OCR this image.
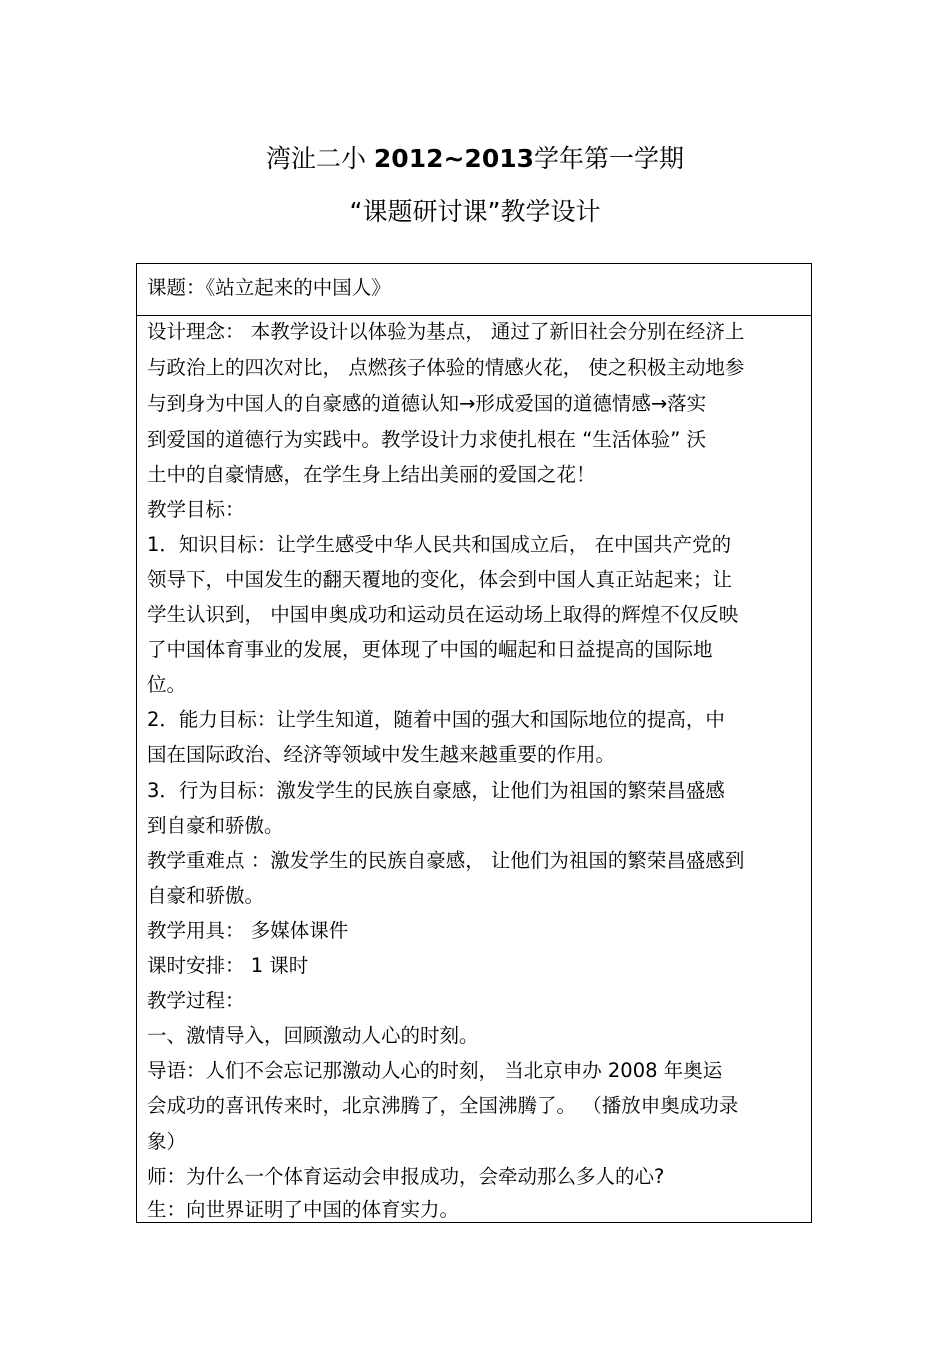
湾沚二小 2012~2013学年第一学期
“课题研讨课”教学设计
课题：《站立起来的中国人》
设计理念： 本教学设计以体验为基点， 通过了新旧社会分别在经济上
与政治上的四次对比， 点燃孩子体验的情感火花， 使之积极主动地参
与到身为中国人的自豪感的道德认知→形成爱国的道德情感→落实
到爱国的道德行为实践中。教学设计力求使扎根在 “生活体验” 沃
土中的自豪情感，在学生身上结出美丽的爱国之花！
教学目标：
1．知识目标：让学生感受中华人民共和国成立后， 在中国共产党的
领导下，中国发生的翻天覆地的变化，体会到中国人真正站起来；让
学生认识到， 中国申奥成功和运动员在运动场上取得的辉煌不仅反映
了中国体育事业的发展，更体现了中国的崛起和日益提高的国际地
位。
2．能力目标：让学生知道，随着中国的强大和国际地位的提高，中
国在国际政治、经济等领域中发生越来越重要的作用。
3．行为目标：激发学生的民族自豪感，让他们为祖国的繁荣昌盛感
到自豪和骄傲。
教学重难点 ：激发学生的民族自豪感， 让他们为祖国的繁荣昌盛感到
自豪和骄傲。
教学用具： 多媒体课件
课时安排： 1 课时
教学过程：
一、激情导入，回顾激动人心的时刻。
导语：人们不会忘记那激动人心的时刻， 当北京申办 2008 年奥运
会成功的喜讯传来时，北京沸腾了，全国沸腾了。 （播放申奥成功录
象）
师：为什么一个体育运动会申报成功，会牵动那么多人的心?
生：向世界证明了中国的体育实力。
